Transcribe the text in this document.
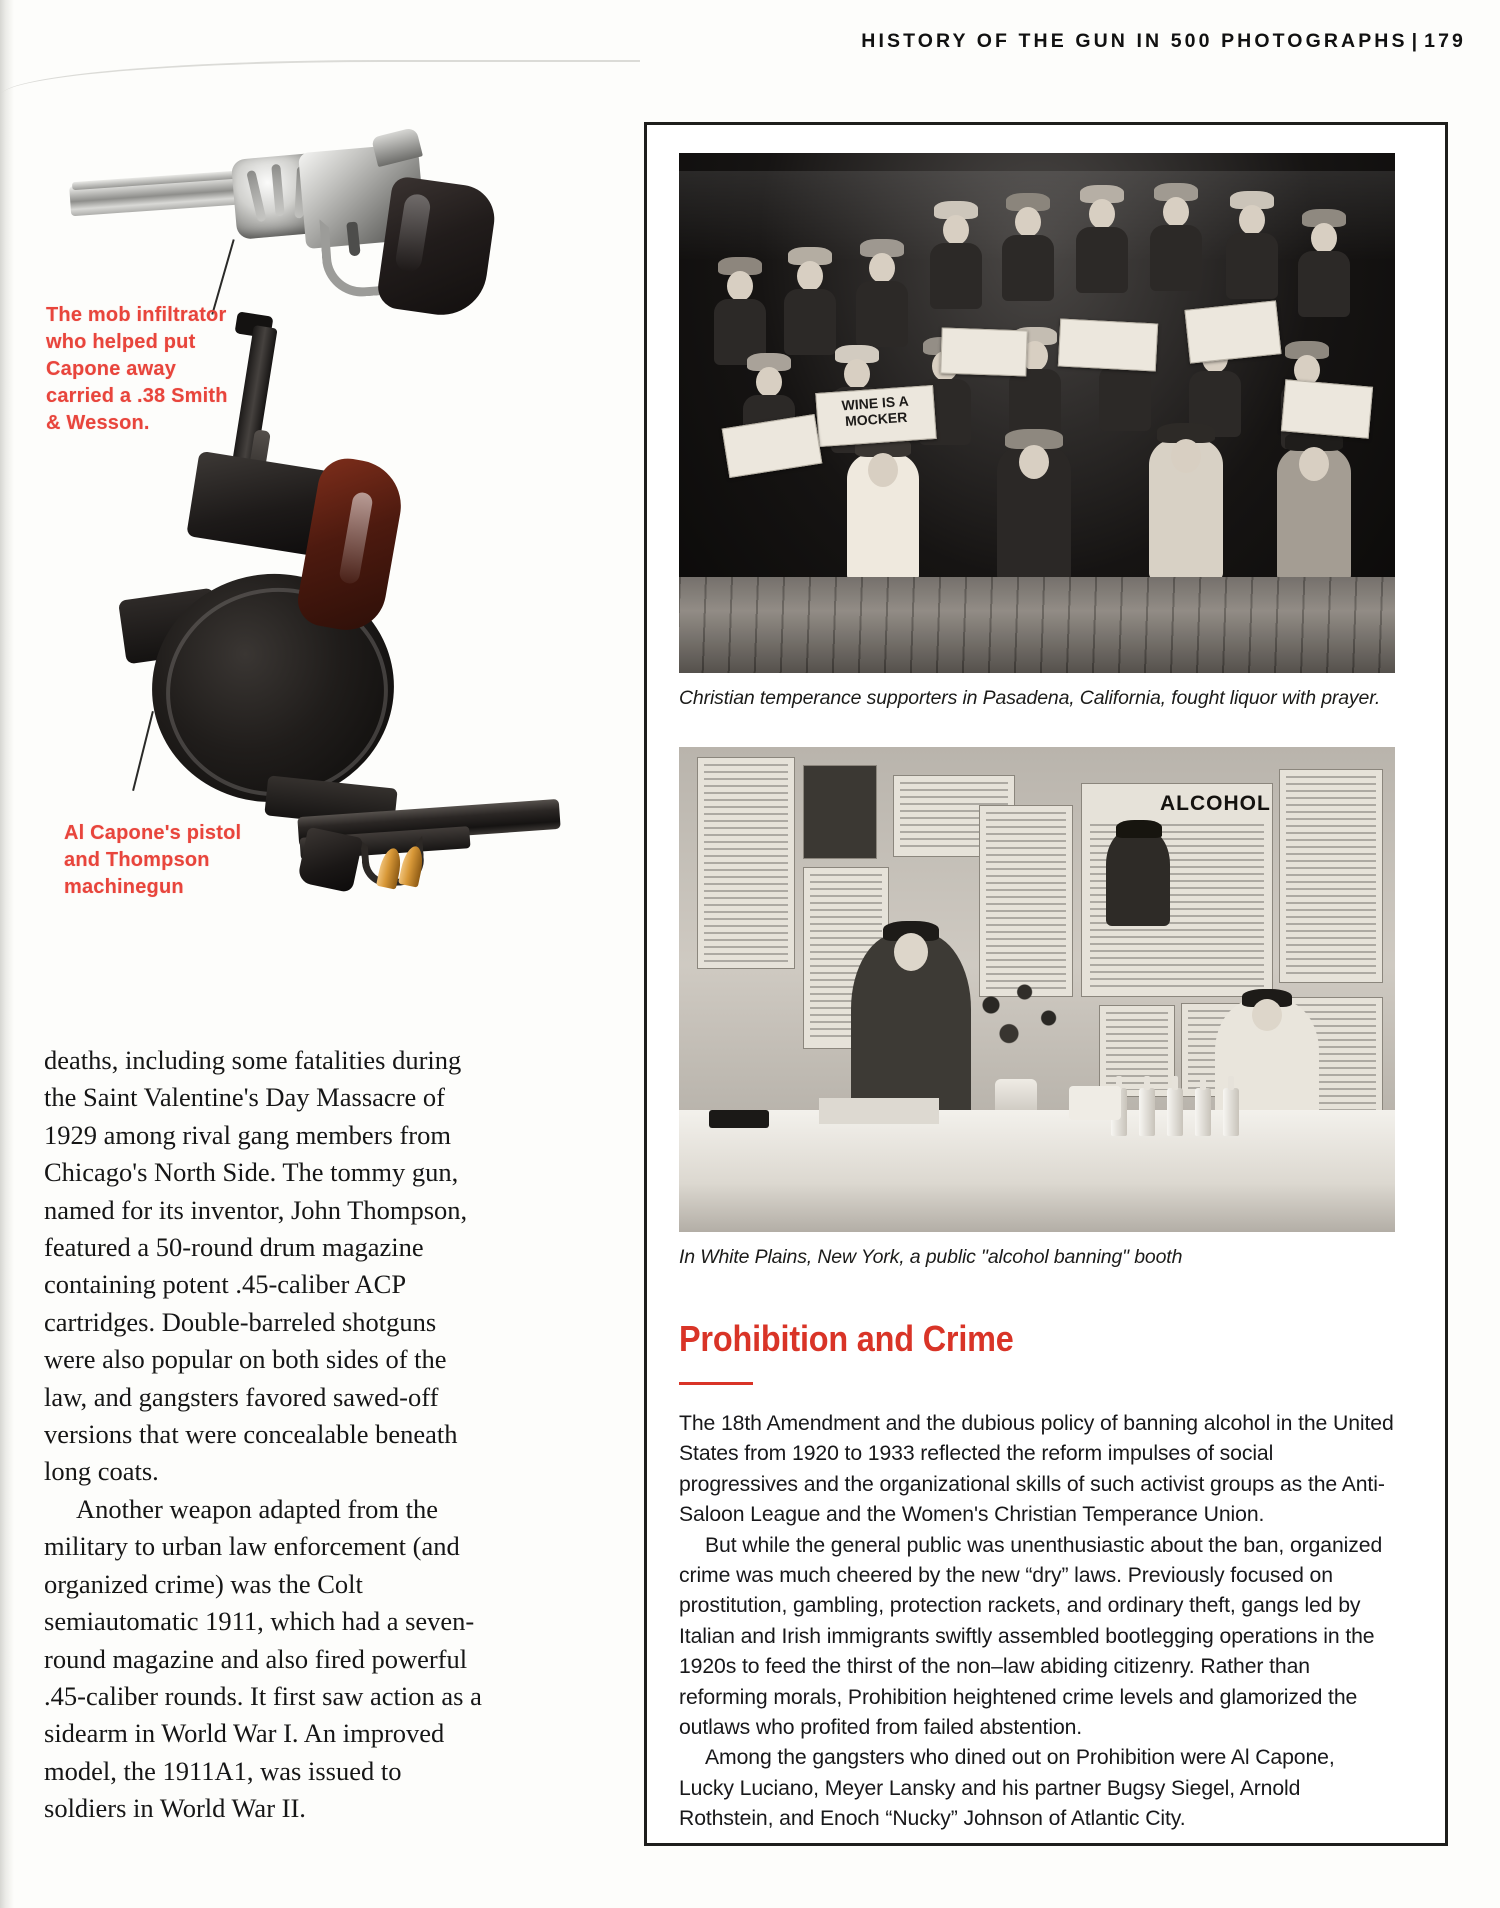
HISTORY OF THE GUN IN 500 PHOTOGRAPHS | 179
The mob infiltrator who helped put Capone away carried a .38 Smith & Wesson.
Al Capone's pistol and Thompson machinegun

deaths, including some fatalities during the Saint Valentine's Day Massacre of 1929 among rival gang members from Chicago's North Side. The tommy gun, named for its inventor, John Thompson, featured a 50-round drum magazine containing potent .45-caliber ACP cartridges. Double-barreled shotguns were also popular on both sides of the law, and gangsters favored sawed-off versions that were concealable beneath long coats.

Another weapon adapted from the military to urban law enforcement (and organized crime) was the Colt semiautomatic 1911, which had a seven-round magazine and also fired powerful .45-caliber rounds. It first saw action as a sidearm in World War I. An improved model, the 1911A1, was issued to soldiers in World War II.

WINE IS A MOCKER
Christian temperance supporters in Pasadena, California, fought liquor with prayer.
ALCOHOL
In White Plains, New York, a public "alcohol banning" booth
Prohibition and Crime

The 18th Amendment and the dubious policy of banning alcohol in the United States from 1920 to 1933 reflected the reform impulses of social progressives and the organizational skills of such activist groups as the Anti-Saloon League and the Women's Christian Temperance Union.

But while the general public was unenthusiastic about the ban, organized crime was much cheered by the new “dry” laws. Previously focused on prostitution, gambling, protection rackets, and ordinary theft, gangs led by Italian and Irish immigrants swiftly assembled bootlegging operations in the 1920s to feed the thirst of the non–law abiding citizenry. Rather than reforming morals, Prohibition heightened crime levels and glamorized the outlaws who profited from failed abstention.

Among the gangsters who dined out on Prohibition were Al Capone, Lucky Luciano, Meyer Lansky and his partner Bugsy Siegel, Arnold Rothstein, and Enoch “Nucky” Johnson of Atlantic City.
